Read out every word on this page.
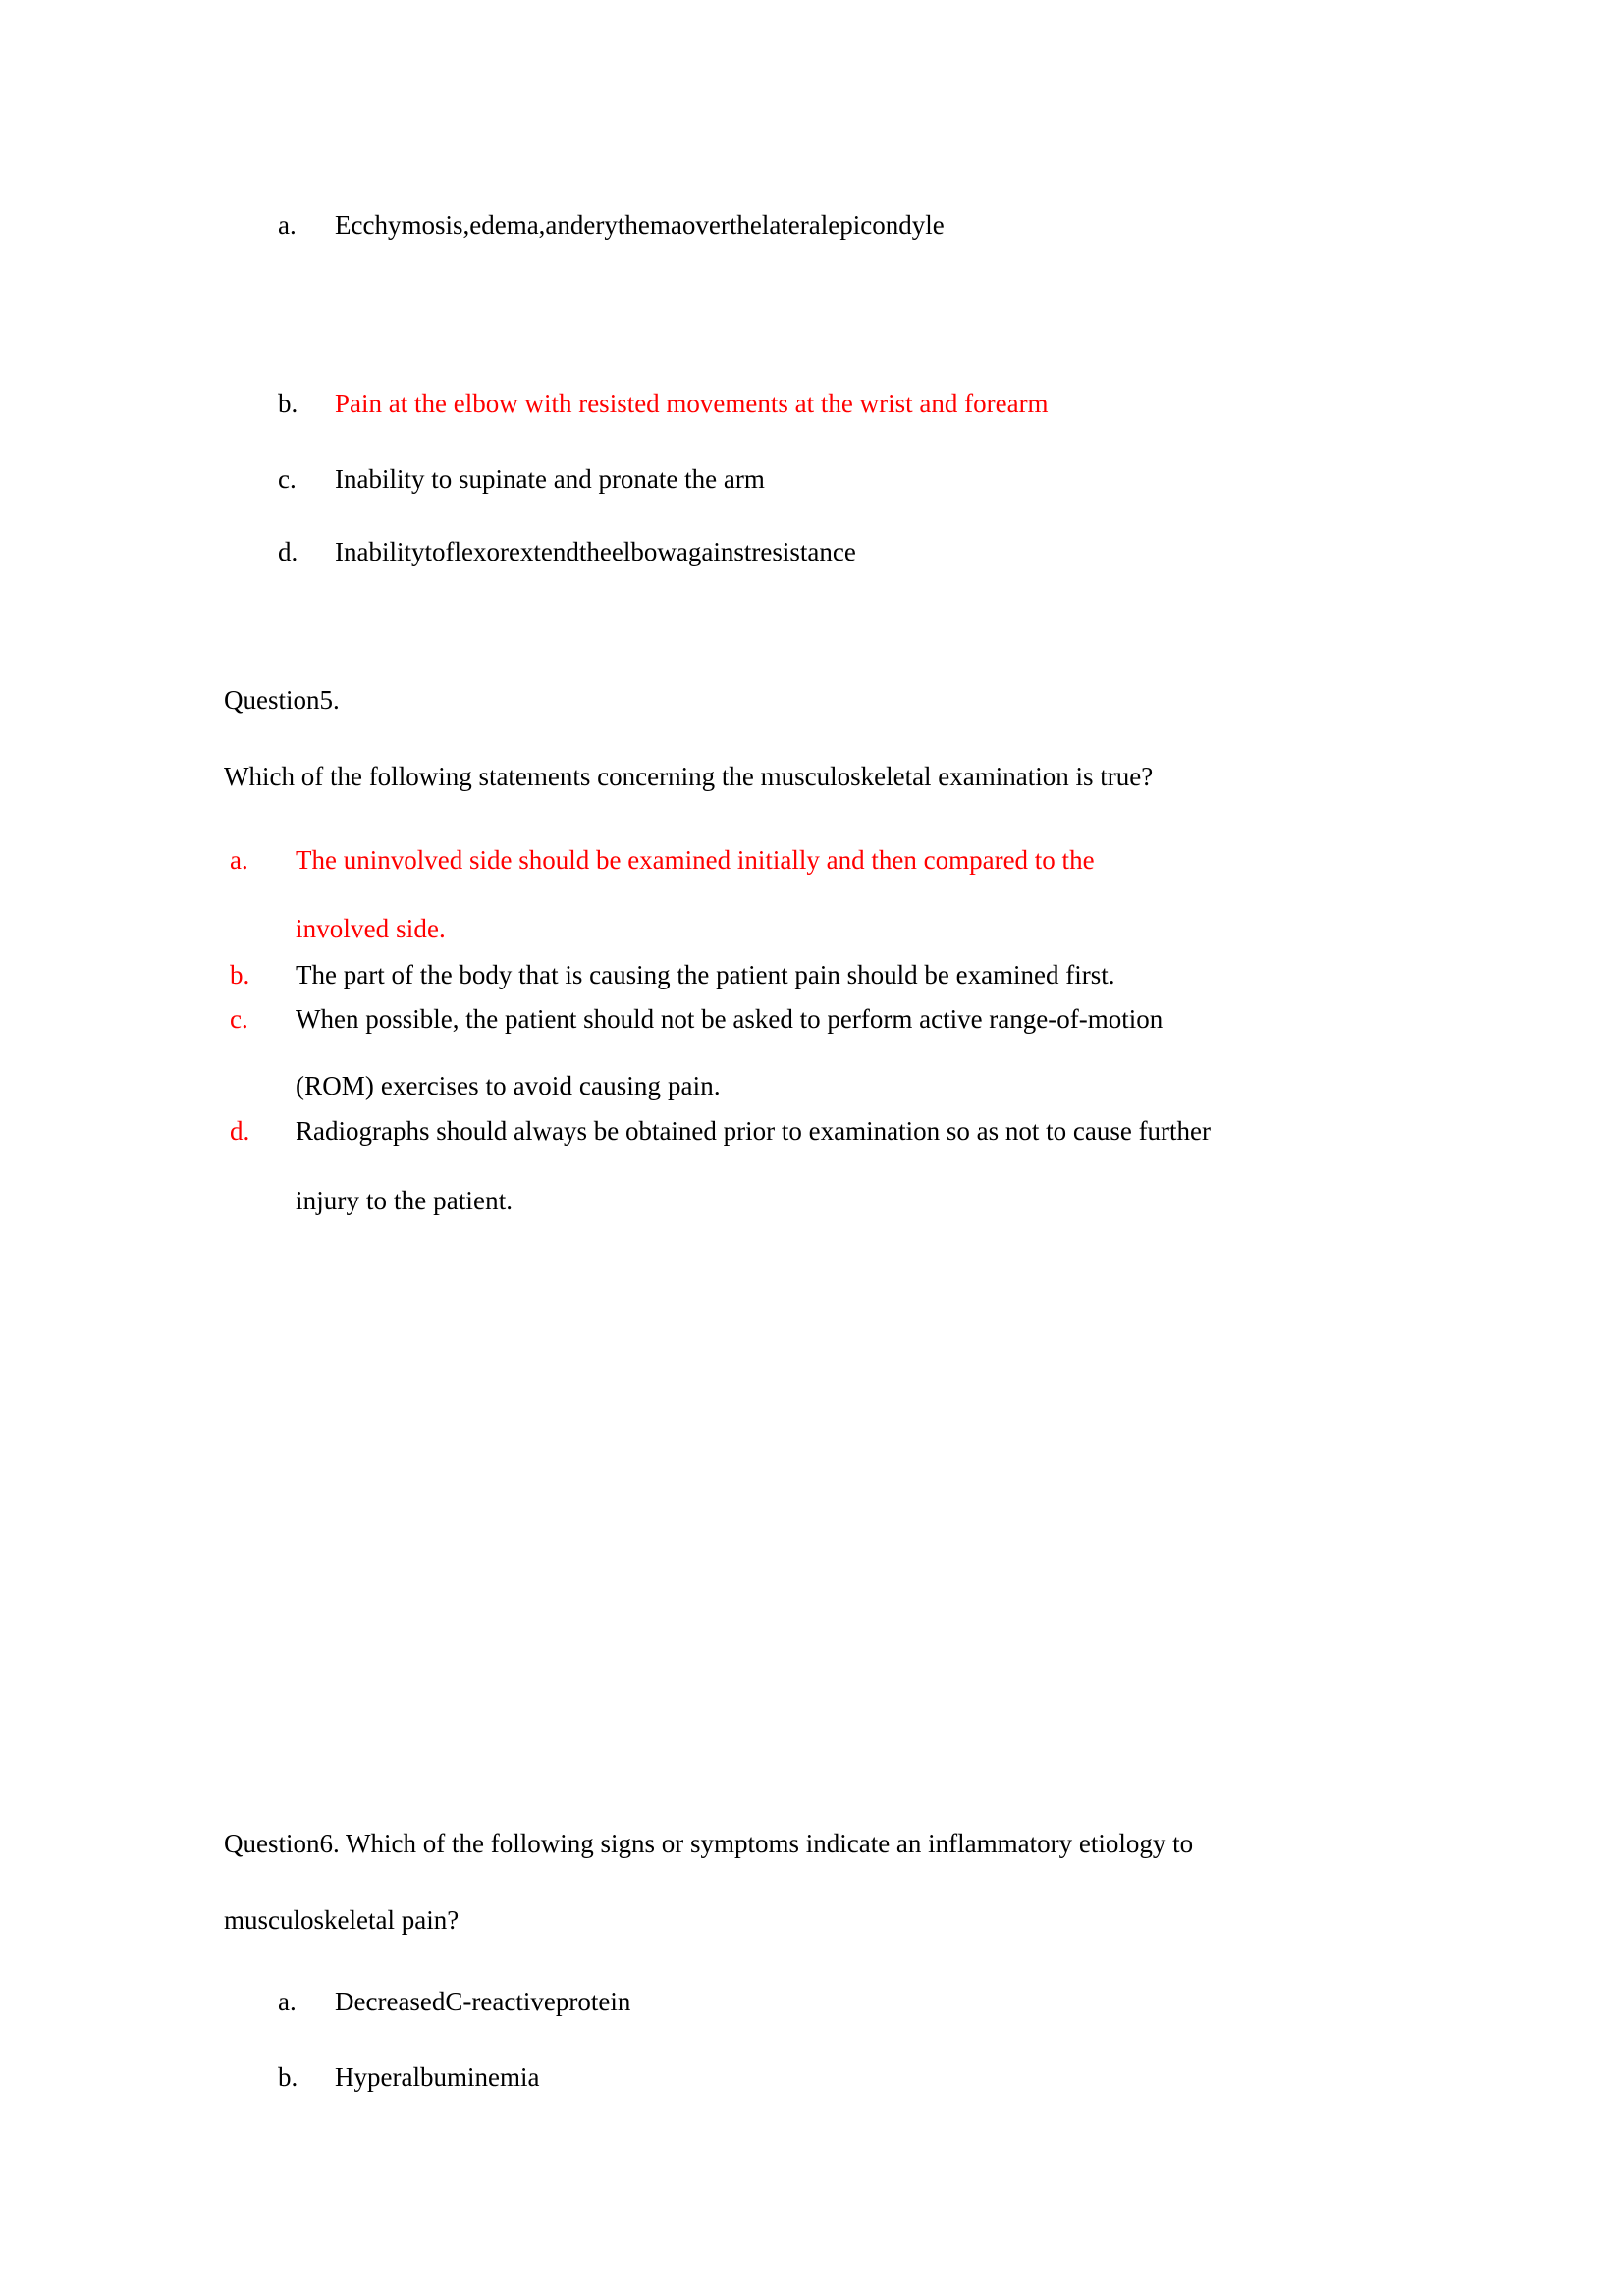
a. Ecchymosis,edema,anderythemaoverthelateralepicondyle
b. Pain at the elbow with resisted movements at the wrist and forearm
c. Inability to supinate and pronate the arm
d. Inabilitytoflexorextendtheelbowagainstresistance
Question5.
Which of the following statements concerning the musculoskeletal examination is true?
a. The uninvolved side should be examined initially and then compared to the
involved side.
b. The part of the body that is causing the patient pain should be examined first.
c. When possible, the patient should not be asked to perform active range-of-motion
(ROM) exercises to avoid causing pain.
d. Radiographs should always be obtained prior to examination so as not to cause further
injury to the patient.
Question6. Which of the following signs or symptoms indicate an inflammatory etiology to
musculoskeletal pain?
a. DecreasedC-reactiveprotein
b. Hyperalbuminemia
